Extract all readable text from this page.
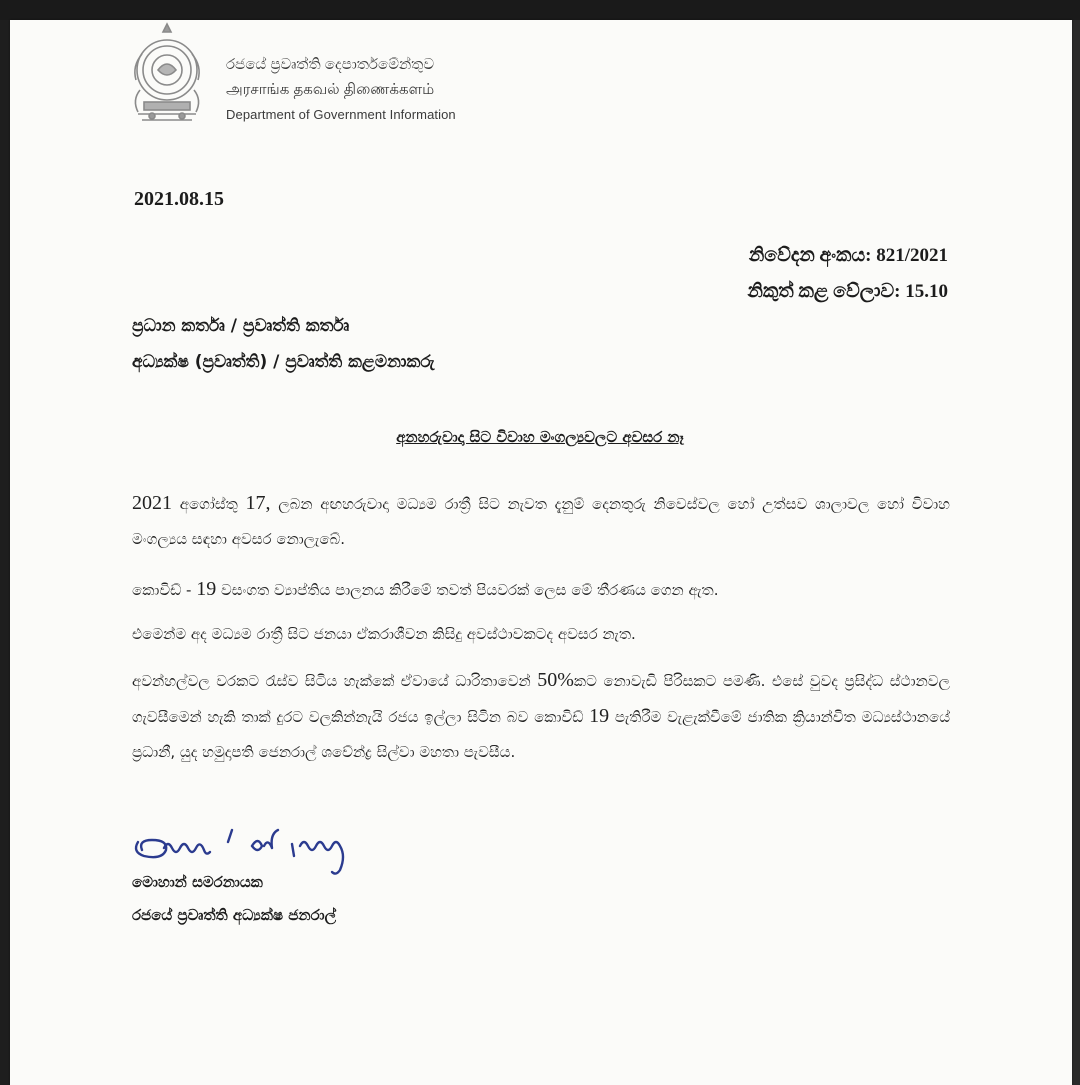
රජයේ ප්‍රවෘත්ති දෙපාර්තමේන්තුව
அரசாங்க தகவல் திணைக்களம்
Department of Government Information
2021.08.15
නිවේදන අංකය: 821/2021
නිකුත් කළ වේලාව: 15.10
ප්‍රධාන කර්තෘ / ප්‍රවෘත්ති කර්තෘ
අධ්‍යක්ෂ (ප්‍රවෘත්ති) / ප්‍රවෘත්ති කළමනාකරු
අනහරුවාදා සිට විවාහ මංගල්‍යවලට අවසර නෑ
2021 අගෝස්තු 17, ලබන අඟහරුවාදා මධ්‍යම රාත්‍රී සිට නැවත දැනුම් දෙනතුරු නිවෙස්වල හෝ උත්සව ශාලාවල හෝ විවාහ මංගල්‍යය සඳහා අවසර නොලැබේ.
කොවිඩ් - 19 වසංගත ව්‍යාප්තිය පාලනය කිරීමේ තවත් පියවරක් ලෙස මේ තීරණය ගෙන ඇත.
එමෙන්ම අද මධ්‍යම රාත්‍රී සිට ජනයා ඒකරාශීවන කිසිදු අවස්ථාවකටද අවසර නැත.
අවන්හල්වල වරකට රැස්ව සිටිය හැක්කේ ඒවායේ ධාරිතාවෙන් 50%කට නොවැඩි පිරිසකට පමණි. එසේ වුවද ප්‍රසිද්ධ ස්ථානවල ගැවසීමෙන් හැකි තාක් දුරට වලකින්නැයි රජය ඉල්ලා සිටින බව කොවිඩ් 19 පැතිරීම වැළැක්වීමේ ජාතික ක්‍රියාන්විත මධ්‍යස්ථානයේ ප්‍රධානී, යුද හමුදාපති ජෙනරාල් ශවේන්ද්‍ර සිල්වා මහතා පැවසීය.
මොහාන් සමරනායක
රජයේ ප්‍රවෘත්ති අධ්‍යක්ෂ ජනරාල්
